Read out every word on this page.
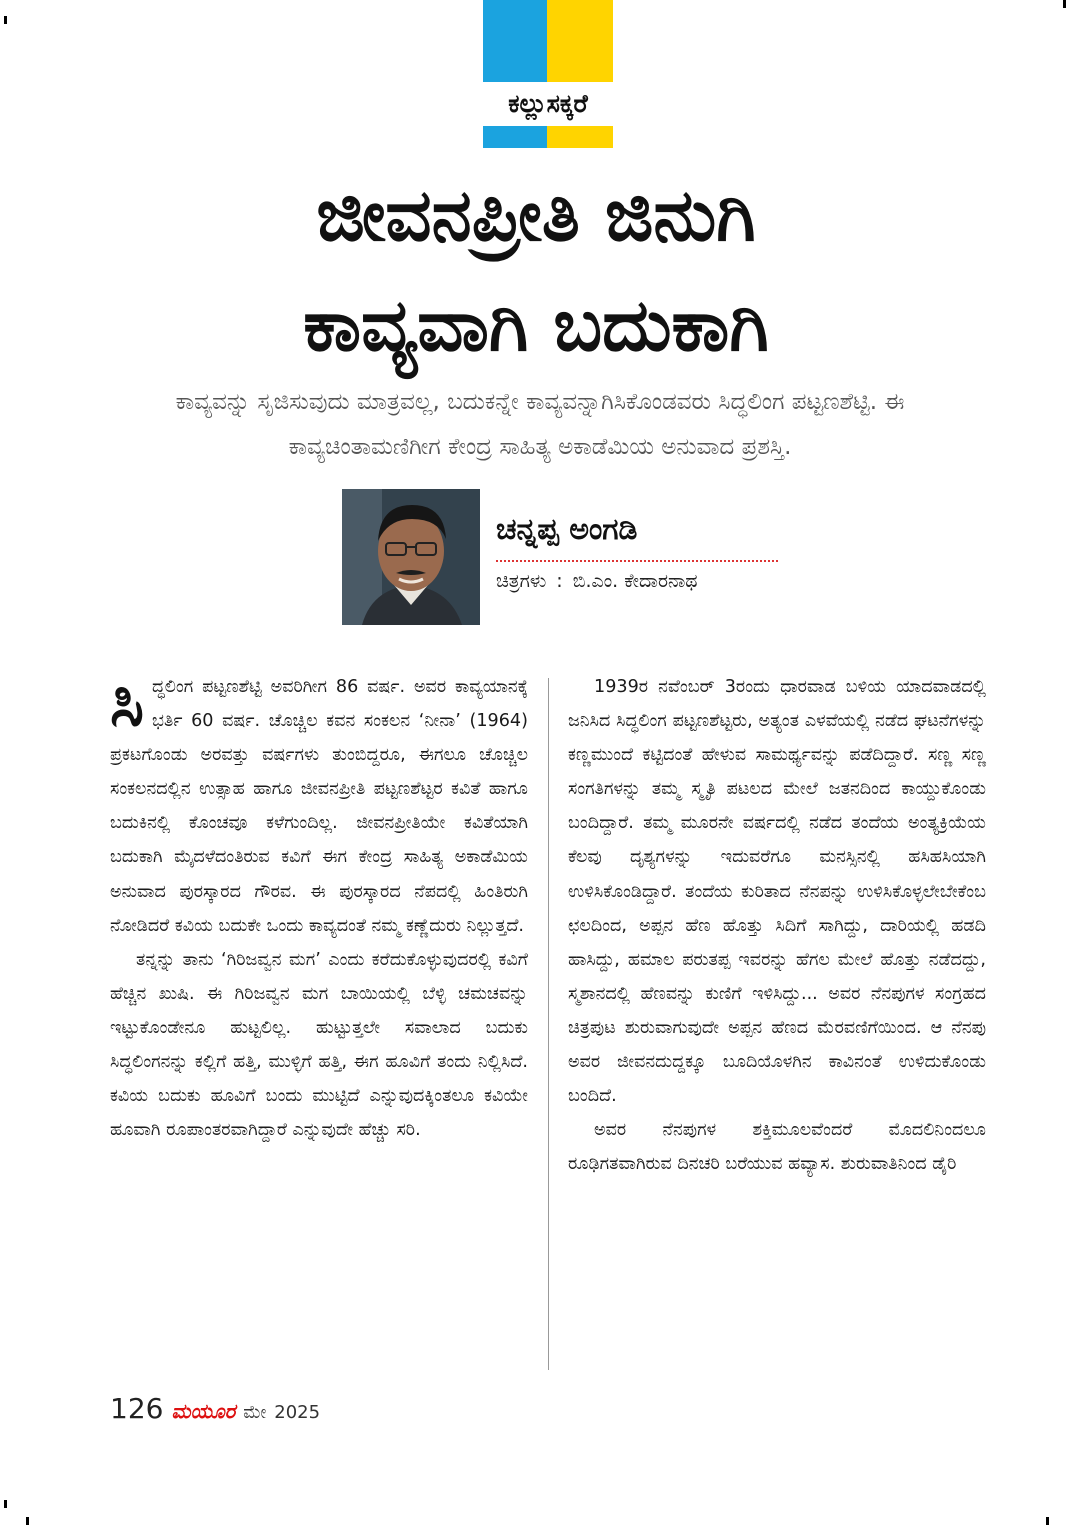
ಕಲ್ಲುಸಕ್ಕರೆ
ಜೀವನಪ್ರೀತಿ ಜಿನುಗಿ
ಕಾವ್ಯವಾಗಿ ಬದುಕಾಗಿ

ಕಾವ್ಯವನ್ನು ಸೃಜಿಸುವುದು ಮಾತ್ರವಲ್ಲ, ಬದುಕನ್ನೇ ಕಾವ್ಯವನ್ನಾಗಿಸಿಕೊಂಡವರು ಸಿದ್ಧಲಿಂಗ ಪಟ್ಟಣಶೆಟ್ಟಿ. ಈ ಕಾವ್ಯಚಿಂತಾಮಣಿಗೀಗ ಕೇಂದ್ರ ಸಾಹಿತ್ಯ ಅಕಾಡೆಮಿಯ ಅನುವಾದ ಪ್ರಶಸ್ತಿ.

ಚನ್ನಪ್ಪ ಅಂಗಡಿ
ಚಿತ್ರಗಳು : ಬಿ.ಎಂ. ಕೇದಾರನಾಥ

ಸಿದ್ಧಲಿಂಗ ಪಟ್ಟಣಶೆಟ್ಟಿ ಅವರಿಗೀಗ 86 ವರ್ಷ. ಅವರ ಕಾವ್ಯಯಾನಕ್ಕೆ ಭರ್ತಿ 60 ವರ್ಷ. ಚೊಚ್ಚಿಲ ಕವನ ಸಂಕಲನ ‘ನೀನಾ’ (1964) ಪ್ರಕಟಗೊಂಡು ಅರವತ್ತು ವರ್ಷಗಳು ತುಂಬಿದ್ದರೂ, ಈಗಲೂ ಚೊಚ್ಚಿಲ ಸಂಕಲನದಲ್ಲಿನ ಉತ್ಸಾಹ ಹಾಗೂ ಜೀವನಪ್ರೀತಿ ಪಟ್ಟಣಶೆಟ್ಟರ ಕವಿತೆ ಹಾಗೂ ಬದುಕಿನಲ್ಲಿ ಕೊಂಚವೂ ಕಳೆಗುಂದಿಲ್ಲ. ಜೀವನಪ್ರೀತಿಯೇ ಕವಿತೆಯಾಗಿ ಬದುಕಾಗಿ ಮೈದಳೆದಂತಿರುವ ಕವಿಗೆ ಈಗ ಕೇಂದ್ರ ಸಾಹಿತ್ಯ ಅಕಾಡೆಮಿಯ ಅನುವಾದ ಪುರಸ್ಕಾರದ ಗೌರವ. ಈ ಪುರಸ್ಕಾರದ ನೆಪದಲ್ಲಿ ಹಿಂತಿರುಗಿ ನೋಡಿದರೆ ಕವಿಯ ಬದುಕೇ ಒಂದು ಕಾವ್ಯದಂತೆ ನಮ್ಮ ಕಣ್ಣೆದುರು ನಿಲ್ಲುತ್ತದೆ.

ತನ್ನನ್ನು ತಾನು ‘ಗಿರಿಜವ್ವನ ಮಗ’ ಎಂದು ಕರೆದುಕೊಳ್ಳುವುದರಲ್ಲಿ ಕವಿಗೆ ಹೆಚ್ಚಿನ ಖುಷಿ. ಈ ಗಿರಿಜವ್ವನ ಮಗ ಬಾಯಿಯಲ್ಲಿ ಬೆಳ್ಳಿ ಚಮಚವನ್ನು ಇಟ್ಟುಕೊಂಡೇನೂ ಹುಟ್ಟಲಿಲ್ಲ. ಹುಟ್ಟುತ್ತಲೇ ಸವಾಲಾದ ಬದುಕು ಸಿದ್ಧಲಿಂಗನನ್ನು ಕಲ್ಲಿಗೆ ಹತ್ತಿ, ಮುಳ್ಳಿಗೆ ಹತ್ತಿ, ಈಗ ಹೂವಿಗೆ ತಂದು ನಿಲ್ಲಿಸಿದೆ. ಕವಿಯ ಬದುಕು ಹೂವಿಗೆ ಬಂದು ಮುಟ್ಟಿದೆ ಎನ್ನುವುದಕ್ಕಿಂತಲೂ ಕವಿಯೇ ಹೂವಾಗಿ ರೂಪಾಂತರವಾಗಿದ್ದಾರೆ ಎನ್ನುವುದೇ ಹೆಚ್ಚು ಸರಿ.

1939ರ ನವೆಂಬರ್ 3ರಂದು ಧಾರವಾಡ ಬಳಿಯ ಯಾದವಾಡದಲ್ಲಿ ಜನಿಸಿದ ಸಿದ್ಧಲಿಂಗ ಪಟ್ಟಣಶೆಟ್ಟರು, ಅತ್ಯಂತ ಎಳವೆಯಲ್ಲಿ ನಡೆದ ಘಟನೆಗಳನ್ನು ಕಣ್ಣಮುಂದೆ ಕಟ್ಟಿದಂತೆ ಹೇಳುವ ಸಾಮರ್ಥ್ಯವನ್ನು ಪಡೆದಿದ್ದಾರೆ. ಸಣ್ಣ ಸಣ್ಣ ಸಂಗತಿಗಳನ್ನು ತಮ್ಮ ಸ್ಮೃತಿ ಪಟಲದ ಮೇಲೆ ಜತನದಿಂದ ಕಾಯ್ದುಕೊಂಡು ಬಂದಿದ್ದಾರೆ. ತಮ್ಮ ಮೂರನೇ ವರ್ಷದಲ್ಲಿ ನಡೆದ ತಂದೆಯ ಅಂತ್ಯಕ್ರಿಯೆಯ ಕೆಲವು ದೃಶ್ಯಗಳನ್ನು ಇದುವರೆಗೂ ಮನಸ್ಸಿನಲ್ಲಿ ಹಸಿಹಸಿಯಾಗಿ ಉಳಿಸಿಕೊಂಡಿದ್ದಾರೆ. ತಂದೆಯ ಕುರಿತಾದ ನೆನಪನ್ನು ಉಳಿಸಿಕೊಳ್ಳಲೇಬೇಕೆಂಬ ಛಲದಿಂದ, ಅಪ್ಪನ ಹೆಣ ಹೊತ್ತು ಸಿದಿಗೆ ಸಾಗಿದ್ದು, ದಾರಿಯಲ್ಲಿ ಹಡದಿ ಹಾಸಿದ್ದು, ಹಮಾಲ ಪರುತಪ್ಪ ಇವರನ್ನು ಹೆಗಲ ಮೇಲೆ ಹೊತ್ತು ನಡೆದದ್ದು, ಸ್ಮಶಾನದಲ್ಲಿ ಹೆಣವನ್ನು ಕುಣಿಗೆ ಇಳಿಸಿದ್ದು... ಅವರ ನೆನಪುಗಳ ಸಂಗ್ರಹದ ಚಿತ್ರಪುಟ ಶುರುವಾಗುವುದೇ ಅಪ್ಪನ ಹೆಣದ ಮೆರವಣಿಗೆಯಿಂದ. ಆ ನೆನಪು ಅವರ ಜೀವನದುದ್ದಕ್ಕೂ ಬೂದಿಯೊಳಗಿನ ಕಾವಿನಂತೆ ಉಳಿದುಕೊಂಡು ಬಂದಿದೆ.

ಅವರ ನೆನಪುಗಳ ಶಕ್ತಿಮೂಲವೆಂದರೆ ಮೊದಲಿನಿಂದಲೂ ರೂಢಿಗತವಾಗಿರುವ ದಿನಚರಿ ಬರೆಯುವ ಹವ್ಯಾಸ. ಶುರುವಾತಿನಿಂದ ಡೈರಿ

126 ಮಯೂರ ಮೇ 2025
